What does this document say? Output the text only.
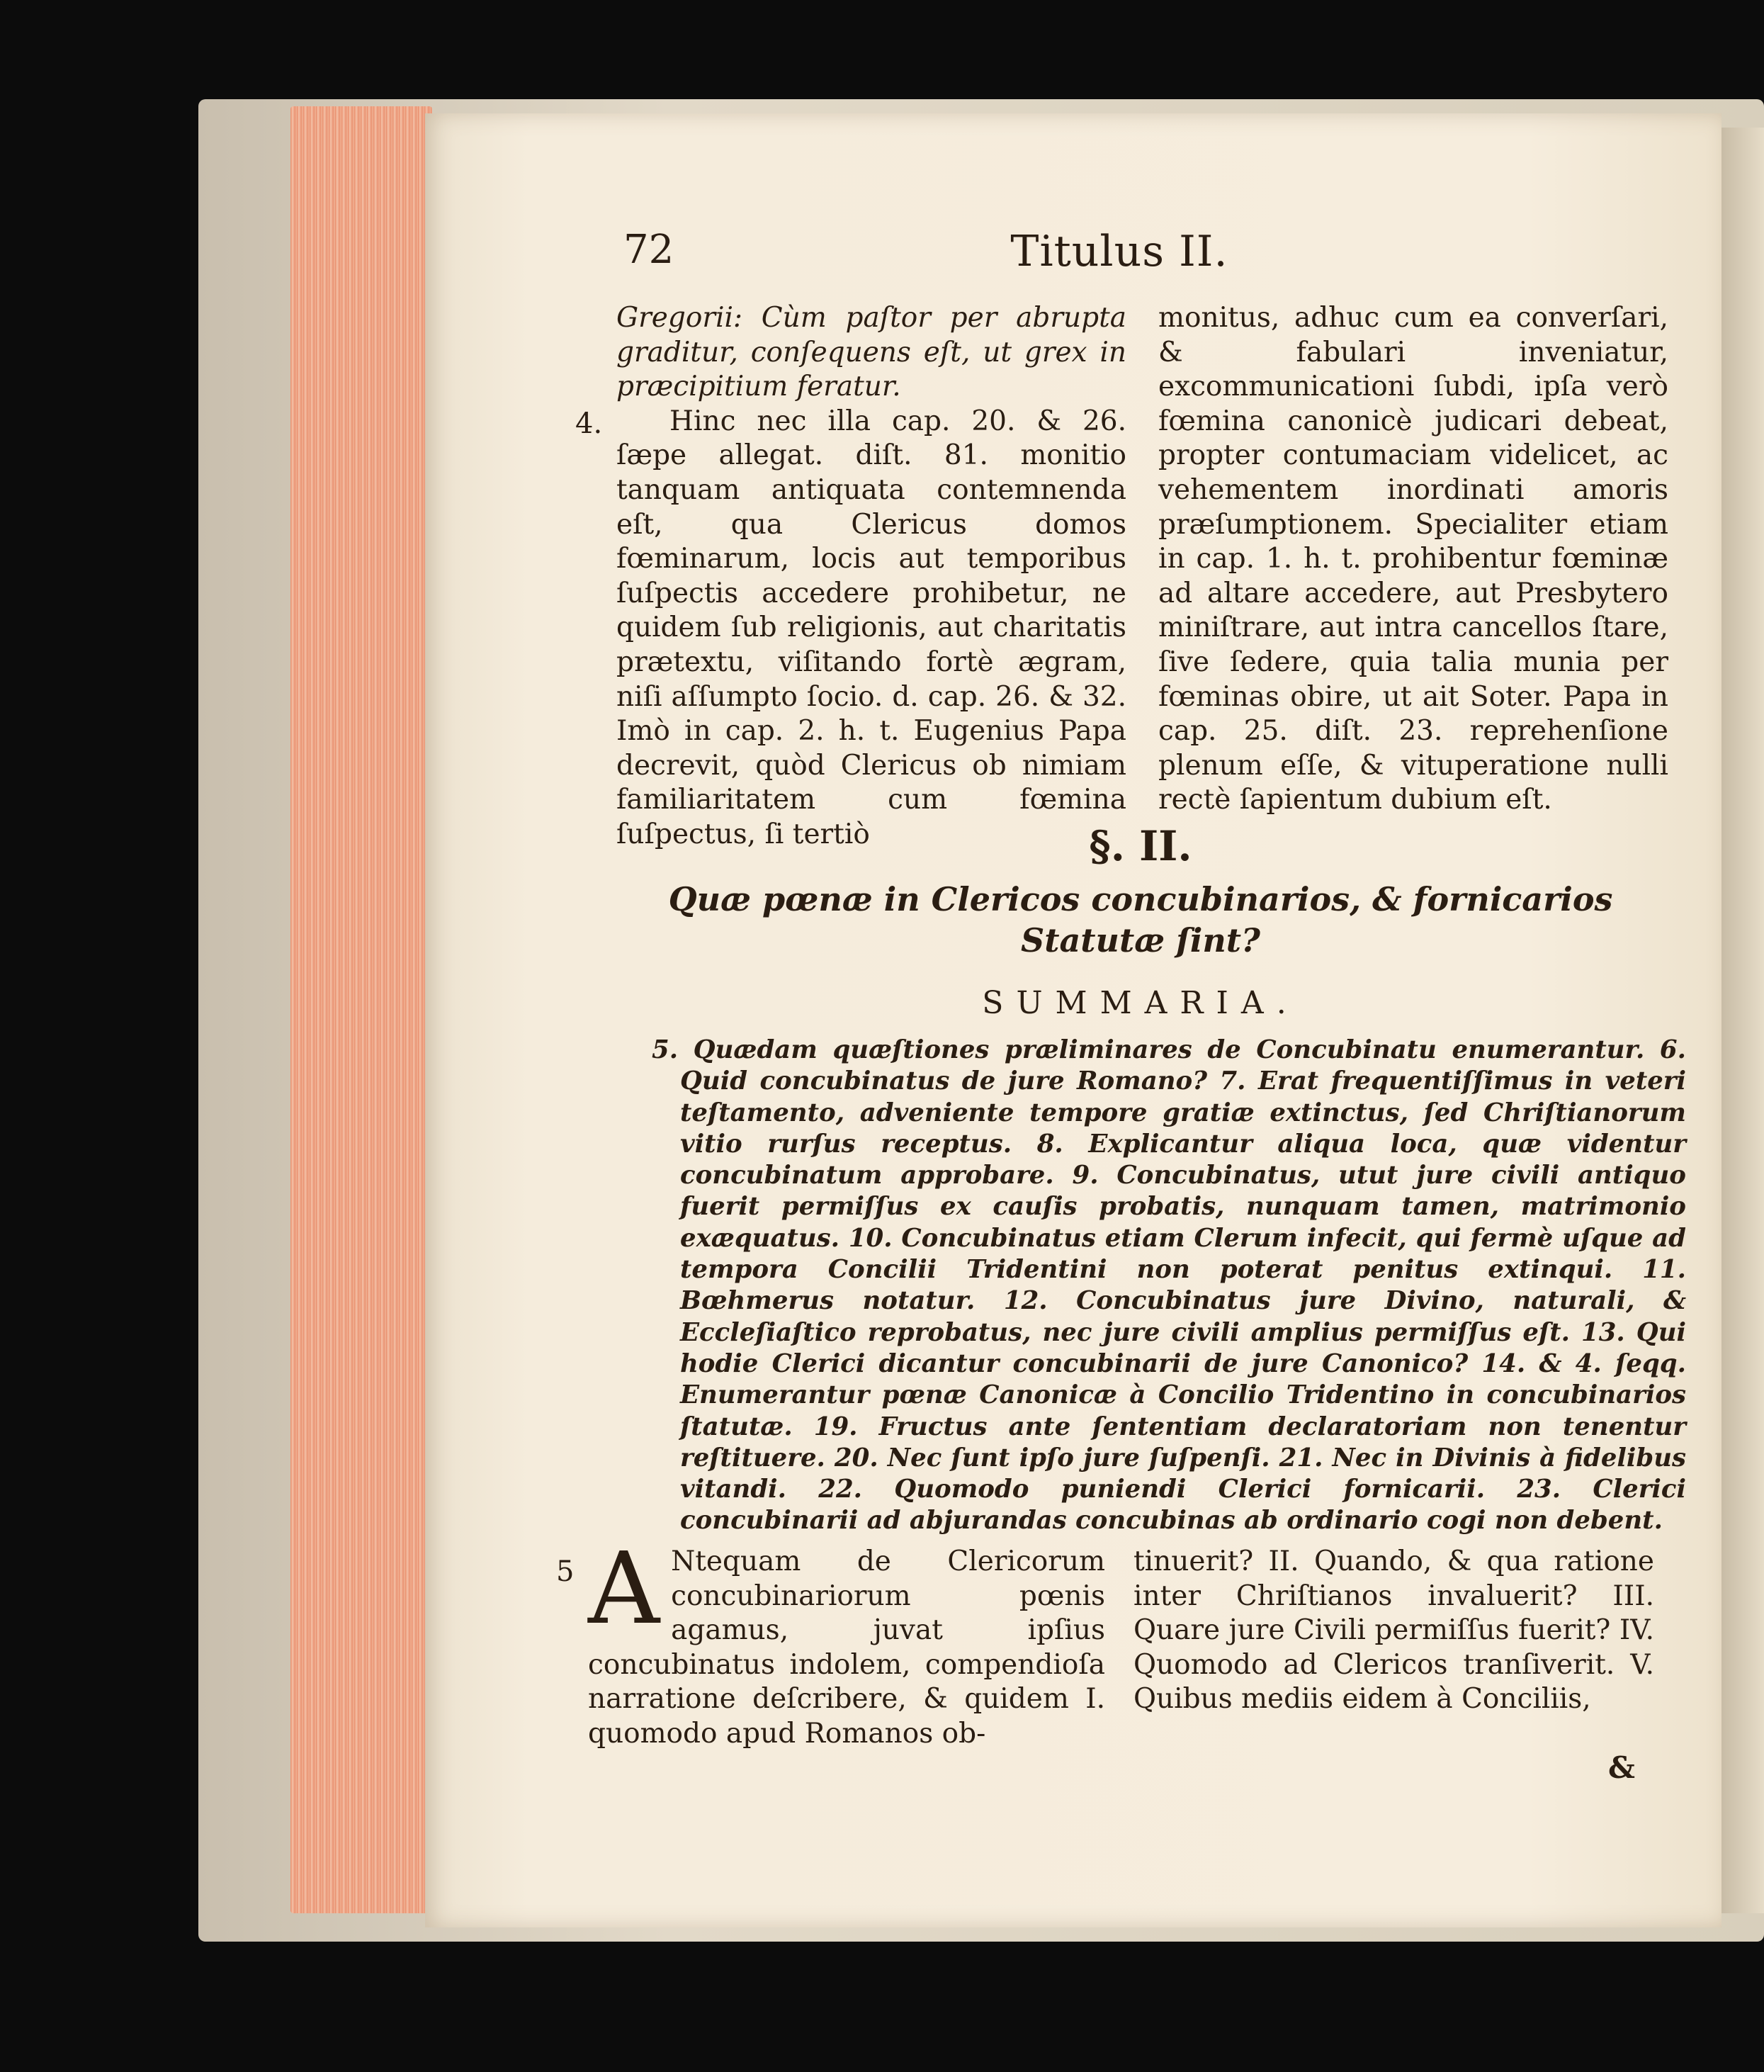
72	Titulus II.

Gregorii: Cùm paſtor per abrupta graditur, conſequens eſt, ut grex in præcipitium feratur.

Hinc nec illa cap. 20. & 26. ſæpe allegat. diſt. 81. monitio tanquam antiquata contemnenda eſt, qua Clericus domos fœminarum, locis aut temporibus ſuſpectis accedere prohibetur, ne quidem ſub religionis, aut charitatis prætextu, viſitando fortè ægram, niſi aſſumpto ſocio. d. cap. 26. & 32. Imò in cap. 2. h. t. Eugenius Papa decrevit, quòd Clericus ob nimiam familiaritatem cum fœmina ſuſpectus, ſi tertiò

4.

monitus, adhuc cum ea converſari, & fabulari inveniatur, excommunicationi ſubdi, ipſa verò fœmina canonicè judicari debeat, propter contumaciam videlicet, ac vehementem inordinati amoris præſumptionem. Specialiter etiam in cap. 1. h. t. prohibentur fœminæ ad altare accedere, aut Presbytero miniſtrare, aut intra cancellos ſtare, ſive ſedere, quia talia munia per fœminas obire, ut ait Soter. Papa in cap. 25. diſt. 23. reprehenſione plenum eſſe, & vituperatione nulli rectè ſapientum dubium eſt.

§. II.
Quæ pœnæ in Clericos concubinarios, & fornicarios
Statutæ ſint?
SUMMARIA.
5. Quædam quæſtiones præliminares de Concubinatu enumerantur. 6. Quid concubinatus de jure Romano? 7. Erat frequentiſſimus in veteri teſtamento, adveniente tempore gratiæ extinctus, ſed Chriſtianorum vitio rurſus receptus. 8. Explicantur aliqua loca, quæ videntur concubinatum approbare. 9. Concubinatus, utut jure civili antiquo fuerit permiſſus ex cauſis probatis, nunquam tamen, matrimonio exæquatus. 10. Concubinatus etiam Clerum infecit, qui fermè uſque ad tempora Concilii Tridentini non poterat penitus extinqui. 11. Bœhmerus notatur. 12. Concubinatus jure Divino, naturali, & Eccleſiaſtico reprobatus, nec jure civili amplius permiſſus eſt. 13. Qui hodie Clerici dicantur concubinarii de jure Canonico? 14. & 4. ſeqq. Enumerantur pœnæ Canonicæ à Concilio Tridentino in concubinarios ſtatutæ. 19. Fructus ante ſententiam declaratoriam non tenentur reſtituere. 20. Nec ſunt ipſo jure ſuſpenſi. 21. Nec in Divinis à fidelibus vitandi. 22. Quomodo puniendi Clerici fornicarii. 23. Clerici concubinarii ad abjurandas concubinas ab ordinario cogi non debent.
5 A Ntequam de Clericorum concubinariorum pœnis agamus, juvat ipſius concubinatus indolem, compendioſa narratione deſcribere, & quidem I. quomodo apud Romanos ob-

tinuerit? II. Quando, & qua ratione inter Chriſtianos invaluerit? III. Quare jure Civili permiſſus fuerit? IV. Quomodo ad Clericos tranſiverit. V. Quibus mediis eidem à Conciliis,

&
